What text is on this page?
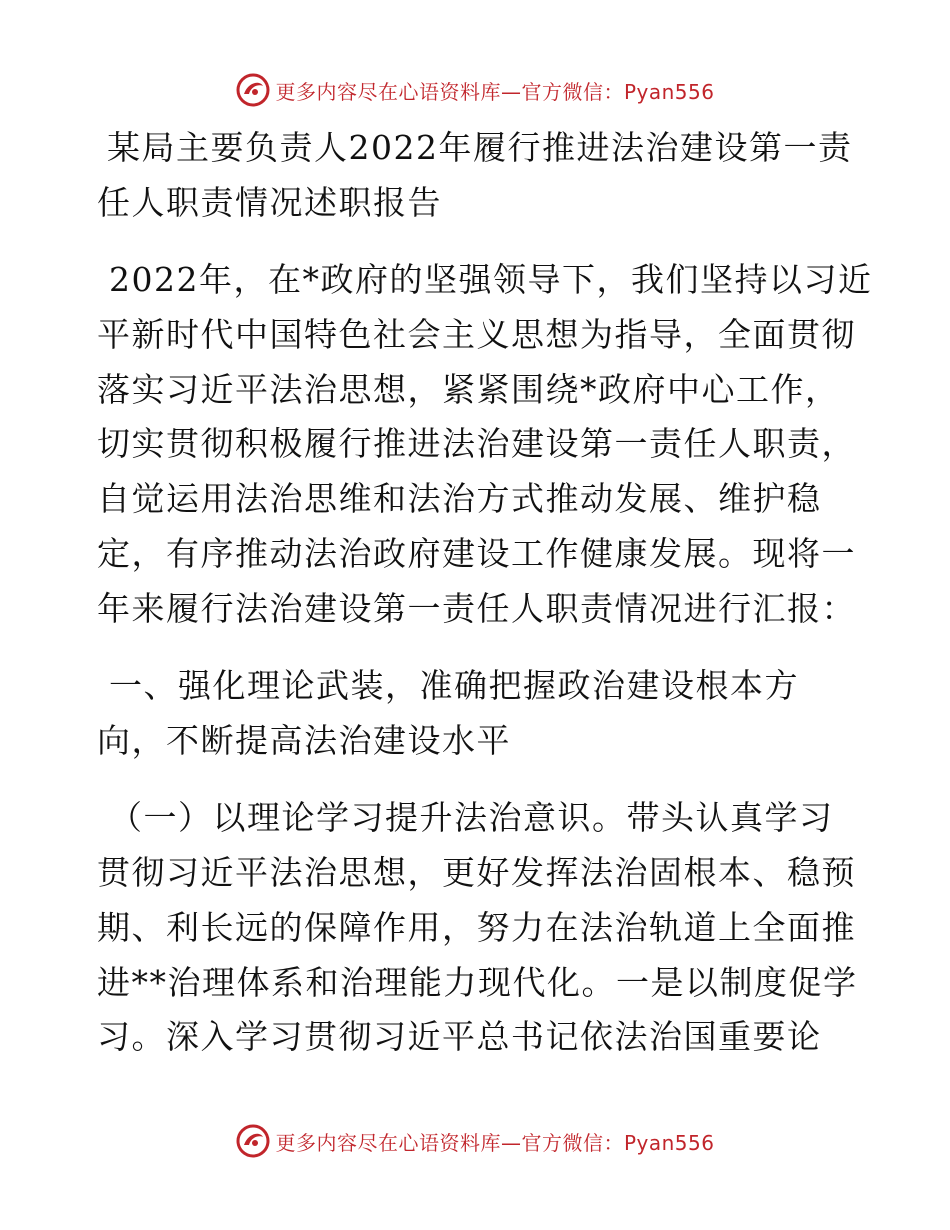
更多内容尽在心语资料库—官方微信：Pyan556

某局主要负责人2022年履行推进法治建设第一责

任人职责情况述职报告

2022年，在*政府的坚强领导下，我们坚持以习近

平新时代中国特色社会主义思想为指导，全面贯彻

落实习近平法治思想，紧紧围绕*政府中心工作，

切实贯彻积极履行推进法治建设第一责任人职责，

自觉运用法治思维和法治方式推动发展、维护稳

定，有序推动法治政府建设工作健康发展。现将一

年来履行法治建设第一责任人职责情况进行汇报：

一、强化理论武装，准确把握政治建设根本方

向，不断提高法治建设水平

（一）以理论学习提升法治意识。带头认真学习

贯彻习近平法治思想，更好发挥法治固根本、稳预

期、利长远的保障作用，努力在法治轨道上全面推

进**治理体系和治理能力现代化。一是以制度促学

习。深入学习贯彻习近平总书记依法治国重要论

更多内容尽在心语资料库—官方微信：Pyan556
